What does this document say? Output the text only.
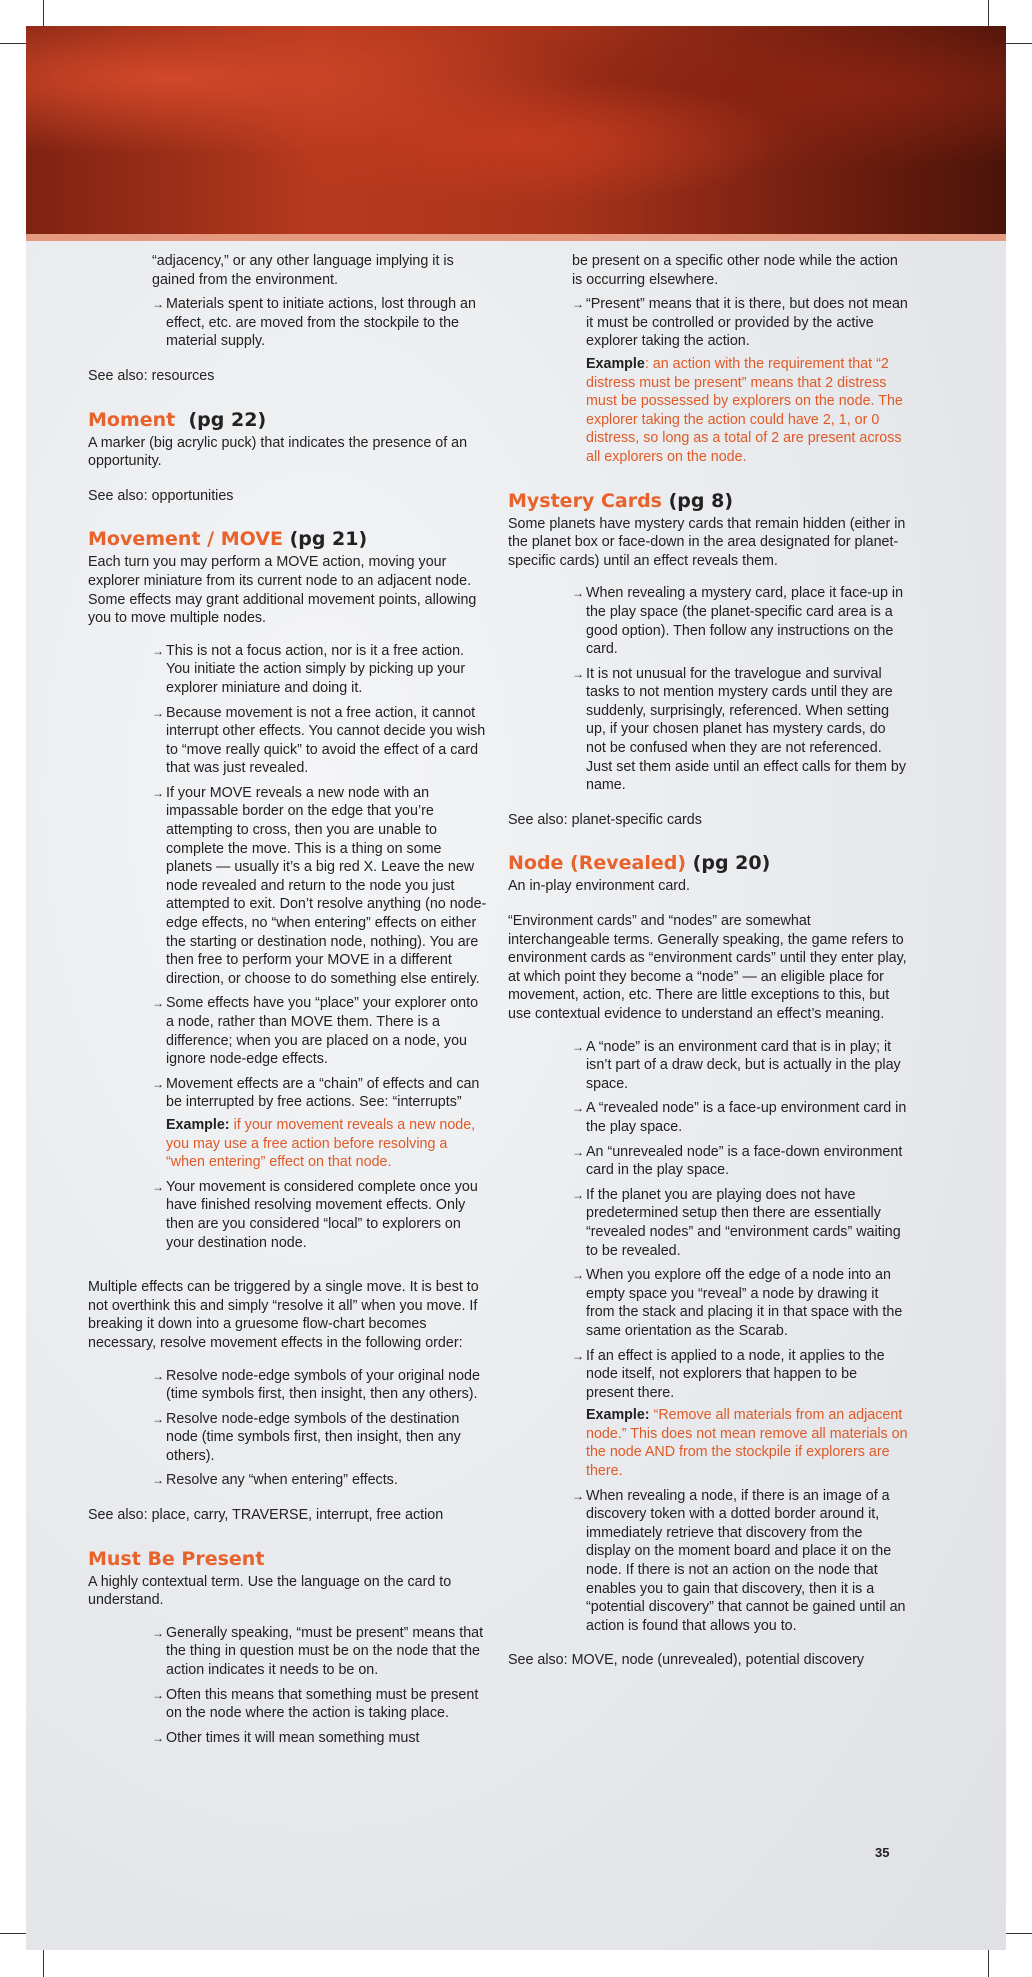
“adjacency,” or any other language implying it is gained from the environment.

→ Materials spent to initiate actions, lost through an effect, etc. are moved from the stockpile to the material supply.

See also: resources

Moment (pg 22)

A marker (big acrylic puck) that indicates the presence of an opportunity.

See also: opportunities

Movement / MOVE (pg 21)

Each turn you may perform a MOVE action, moving your explorer miniature from its current node to an adjacent node. Some effects may grant additional movement points, allowing you to move multiple nodes.

→ This is not a focus action, nor is it a free action. You initiate the action simply by picking up your explorer miniature and doing it.
→ Because movement is not a free action, it cannot interrupt other effects. You cannot decide you wish to “move really quick” to avoid the effect of a card that was just revealed.
→ If your MOVE reveals a new node with an impassable border on the edge that you’re attempting to cross, then you are unable to complete the move. This is a thing on some planets — usually it’s a big red X. Leave the new node revealed and return to the node you just attempted to exit. Don’t resolve anything (no node-edge effects, no “when entering” effects on either the starting or destination node, nothing). You are then free to perform your MOVE in a different direction, or choose to do something else entirely.
→ Some effects have you “place” your explorer onto a node, rather than MOVE them. There is a difference; when you are placed on a node, you ignore node-edge effects.
→ Movement effects are a “chain” of effects and can be interrupted by free actions. See: “interrupts”

Example: if your movement reveals a new node, you may use a free action before resolving a “when entering” effect on that node.

→ Your movement is considered complete once you have finished resolving movement effects. Only then are you considered “local” to explorers on your destination node.

Multiple effects can be triggered by a single move. It is best to not overthink this and simply “resolve it all” when you move. If breaking it down into a gruesome flow-chart becomes necessary, resolve movement effects in the following order:

→ Resolve node-edge symbols of your original node (time symbols first, then insight, then any others).
→ Resolve node-edge symbols of the destination node (time symbols first, then insight, then any others).
→ Resolve any “when entering” effects.

See also: place, carry, TRAVERSE, interrupt, free action

Must Be Present

A highly contextual term. Use the language on the card to understand.

→ Generally speaking, “must be present” means that the thing in question must be on the node that the action indicates it needs to be on.
→ Often this means that something must be present on the node where the action is taking place.
→ Other times it will mean something must

be present on a specific other node while the action is occurring elsewhere.

→ “Present” means that it is there, but does not mean it must be controlled or provided by the active explorer taking the action.

Example: an action with the requirement that “2 distress must be present” means that 2 distress must be possessed by explorers on the node. The explorer taking the action could have 2, 1, or 0 distress, so long as a total of 2 are present across all explorers on the node.

Mystery Cards (pg 8)

Some planets have mystery cards that remain hidden (either in the planet box or face-down in the area designated for planet-specific cards) until an effect reveals them.

→ When revealing a mystery card, place it face-up in the play space (the planet-specific card area is a good option). Then follow any instructions on the card.
→ It is not unusual for the travelogue and survival tasks to not mention mystery cards until they are suddenly, surprisingly, referenced. When setting up, if your chosen planet has mystery cards, do not be confused when they are not referenced. Just set them aside until an effect calls for them by name.

See also: planet-specific cards

Node (Revealed) (pg 20)

An in-play environment card.

“Environment cards” and “nodes” are somewhat interchangeable terms. Generally speaking, the game refers to environment cards as “environment cards” until they enter play, at which point they become a “node” — an eligible place for movement, action, etc. There are little exceptions to this, but use contextual evidence to understand an effect’s meaning.

→ A “node” is an environment card that is in play; it isn’t part of a draw deck, but is actually in the play space.
→ A “revealed node” is a face-up environment card in the play space.
→ An “unrevealed node” is a face-down environment card in the play space.
→ If the planet you are playing does not have predetermined setup then there are essentially “revealed nodes” and “environment cards” waiting to be revealed.
→ When you explore off the edge of a node into an empty space you “reveal” a node by drawing it from the stack and placing it in that space with the same orientation as the Scarab.
→ If an effect is applied to a node, it applies to the node itself, not explorers that happen to be present there.

Example: “Remove all materials from an adjacent node.” This does not mean remove all materials on the node AND from the stockpile if explorers are there.

→ When revealing a node, if there is an image of a discovery token with a dotted border around it, immediately retrieve that discovery from the display on the moment board and place it on the node. If there is not an action on the node that enables you to gain that discovery, then it is a “potential discovery” that cannot be gained until an action is found that allows you to.

See also: MOVE, node (unrevealed), potential discovery

35
